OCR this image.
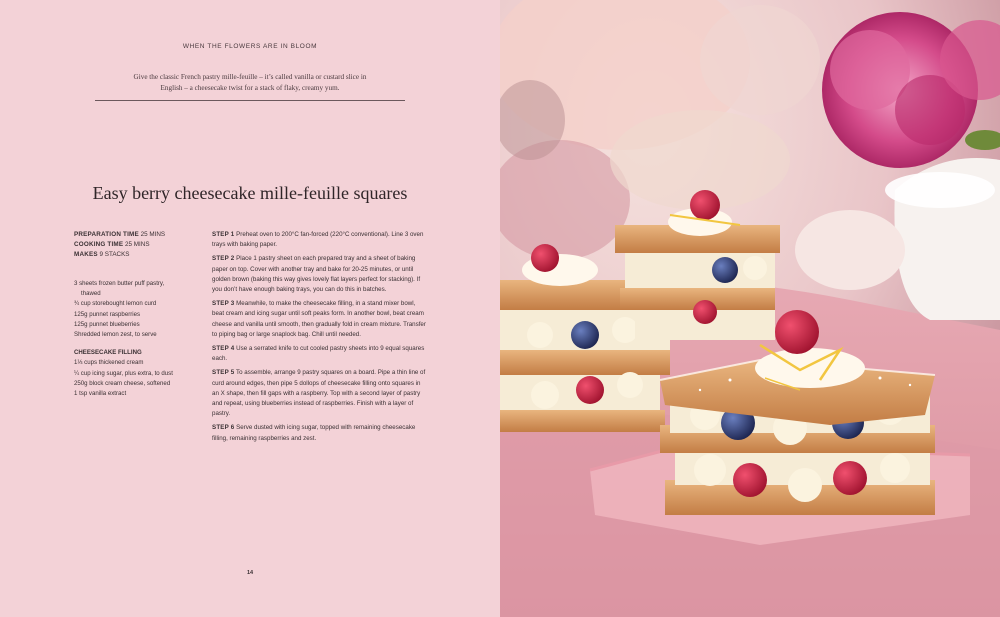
WHEN THE FLOWERS ARE IN BLOOM
Give the classic French pastry mille-feuille – it’s called vanilla or custard slice in English – a cheesecake twist for a stack of flaky, creamy yum.
Easy berry cheesecake mille-feuille squares
PREPARATION TIME 25 MINS
COOKING TIME 25 MINS
MAKES 9 STACKS
3 sheets frozen butter puff pastry,
thawed
¾ cup storebought lemon curd
125g punnet raspberries
125g punnet blueberries
Shredded lemon zest, to serve
CHEESECAKE FILLING
1⅓ cups thickened cream
¼ cup icing sugar, plus extra, to dust
250g block cream cheese, softened
1 tsp vanilla extract
STEP 1 Preheat oven to 200°C fan-forced (220°C conventional). Line 3 oven trays with baking paper.
STEP 2 Place 1 pastry sheet on each prepared tray and a sheet of baking paper on top. Cover with another tray and bake for 20-25 minutes, or until golden brown (baking this way gives lovely flat layers perfect for stacking). If you don’t have enough baking trays, you can do this in batches.
STEP 3 Meanwhile, to make the cheesecake filling, in a stand mixer bowl, beat cream and icing sugar until soft peaks form. In another bowl, beat cream cheese and vanilla until smooth, then gradually fold in cream mixture. Transfer to piping bag or large snaplock bag. Chill until needed.
STEP 4 Use a serrated knife to cut cooled pastry sheets into 9 equal squares each.
STEP 5 To assemble, arrange 9 pastry squares on a board. Pipe a thin line of curd around edges, then pipe 5 dollops of cheesecake filling onto squares in an X shape, then fill gaps with a raspberry. Top with a second layer of pastry and repeat, using blueberries instead of raspberries. Finish with a layer of pastry.
STEP 6 Serve dusted with icing sugar, topped with remaining cheesecake filling, remaining raspberries and zest.
14
